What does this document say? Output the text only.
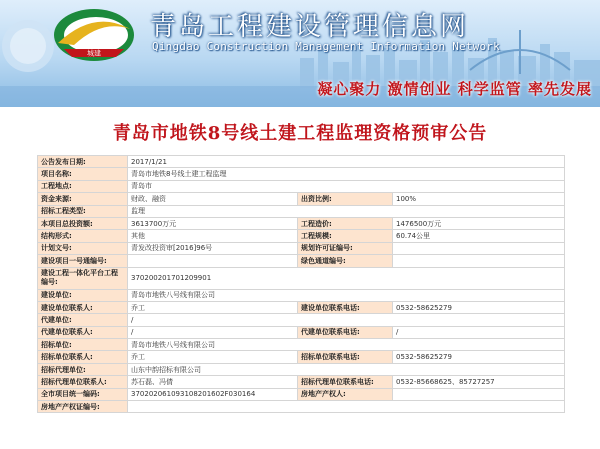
城建
青岛工程建设管理信息网
Qingdao Construction Management Information Network
凝心聚力 激情创业 科学监管 率先发展
青岛市地铁8号线土建工程监理资格预审公告
公告发布日期:	2017/1/21		
项目名称:	青岛市地铁8号线土建工程监理		
工程地点:	青岛市		
资金来源:	财政、融资	出资比例:	100%
招标工程类型:	监理		
本项目总投资额:	3613700万元	工程造价:	1476500万元
结构形式:	其他	工程规模:	60.74公里
计划文号:	青发改投资审[2016]96号	规划许可证编号:	
建设项目一号通编号:		绿色通道编号:	
建设工程一体化平台工程编号:	3702002017012099​01		
建设单位:	青岛市地铁八号线有限公司		
建设单位联系人:	乔工	建设单位联系电话:	0532-58625279
代建单位:	/		
代建单位联系人:	/	代建单位联系电话:	/
招标单位:	青岛市地铁八号线有限公司		
招标单位联系人:	乔工	招标单位联系电话:	0532-58625279
招标代理单位:	山东中韵招标有限公司		
招标代理单位联系人:	苏石磊、冯倩	招标代理单位联系电话:	0532-85668625、85727257
全市项目统一编码:	37020206109310820160​2F030164	房地产产权人:	
房地产产权证编号:			
